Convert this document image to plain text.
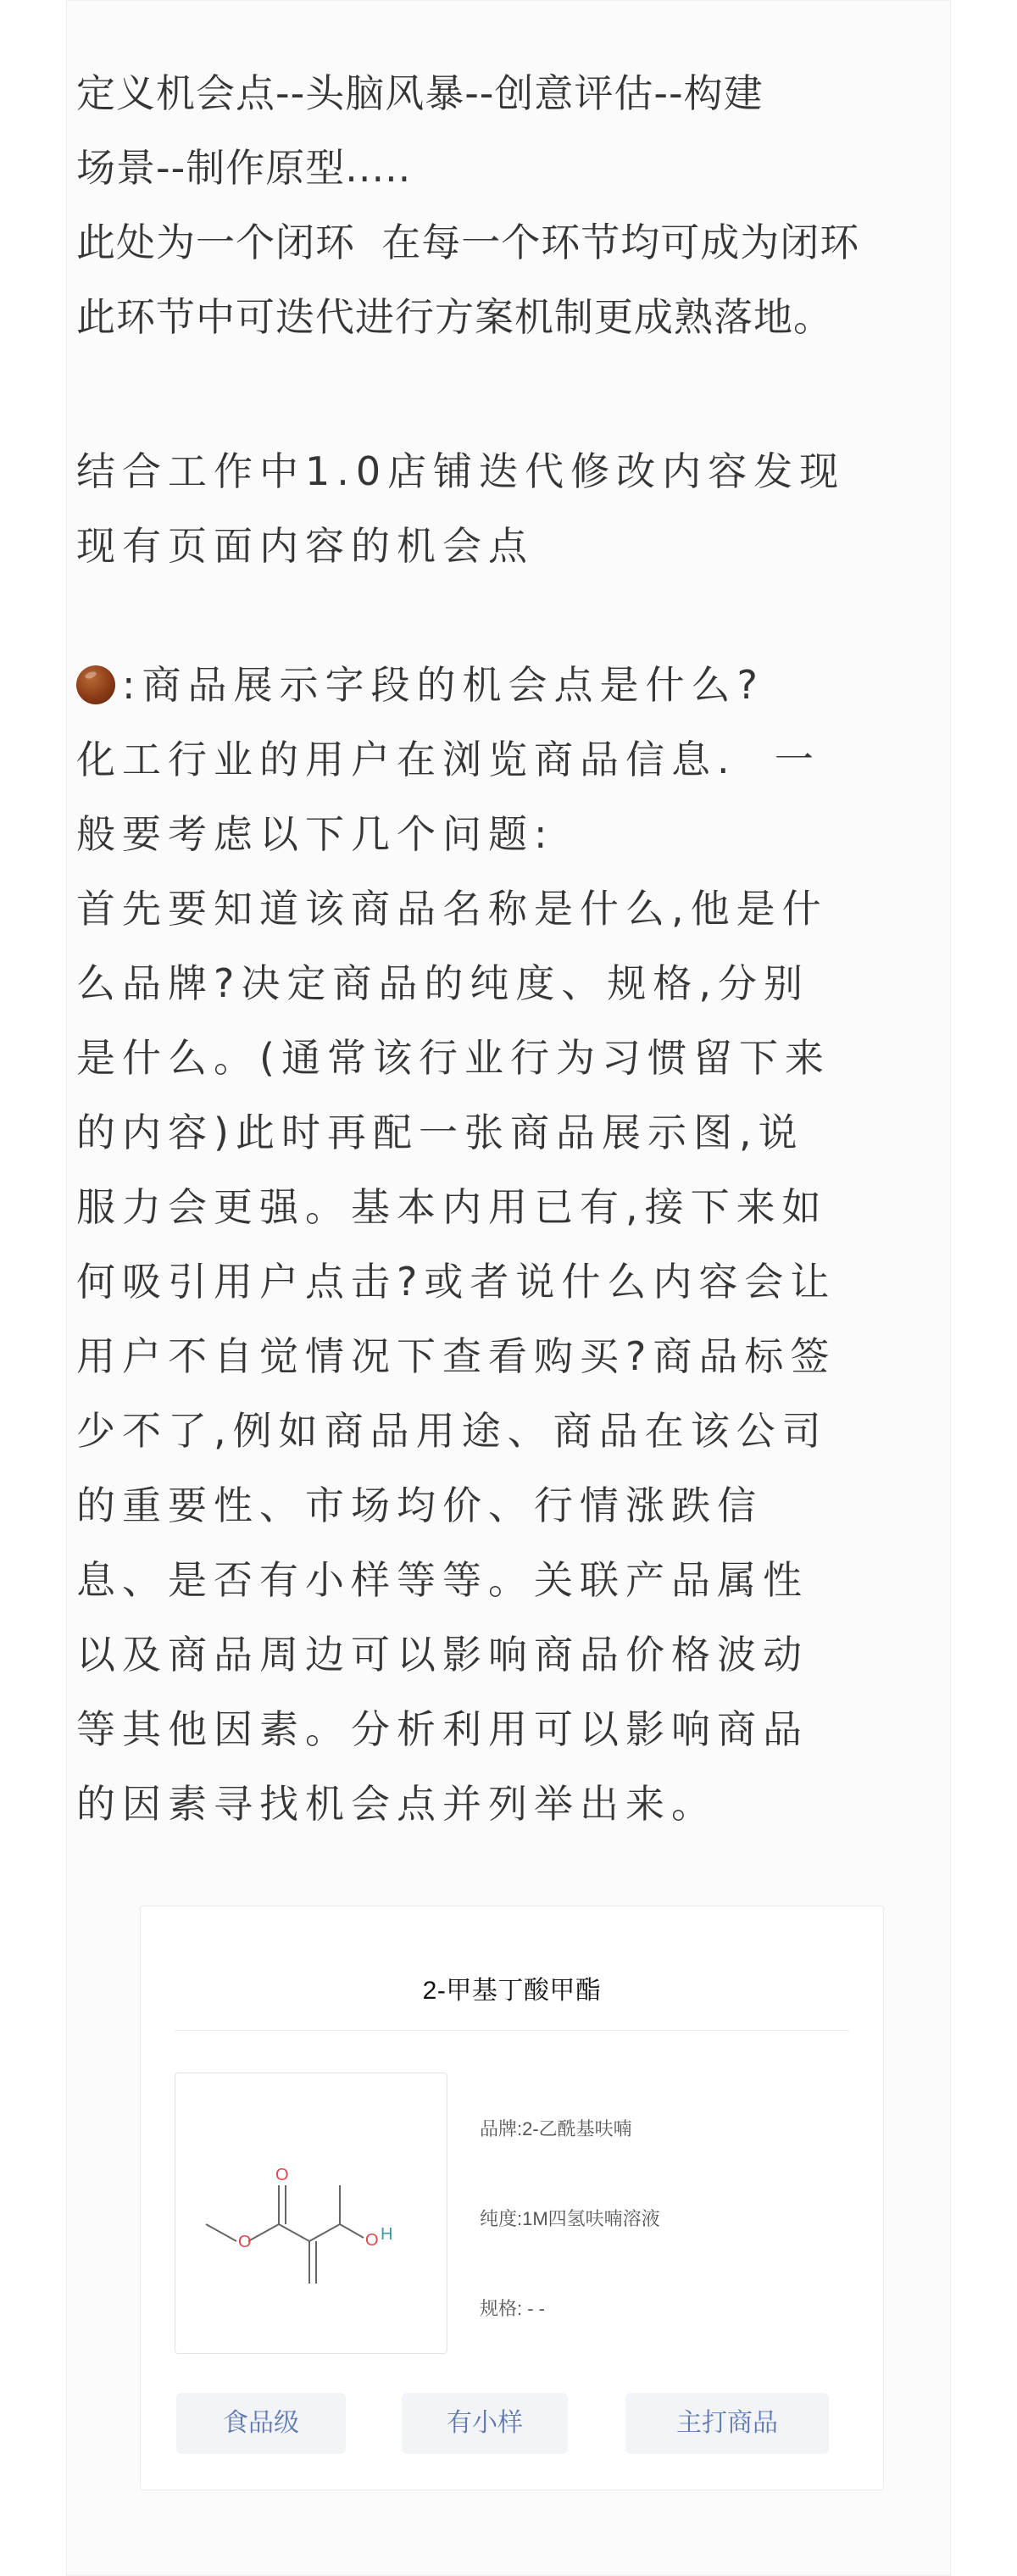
定义机会点--头脑风暴--创意评估--构建

场景--制作原型.....

此处为一个闭环  在每一个环节均可成为闭环

此环节中可迭代进行方案机制更成熟落地。

结合工作中1.0店铺迭代修改内容发现

现有页面内容的机会点

:商品展示字段的机会点是什么?

化工行业的用户在浏览商品信息.  一

般要考虑以下几个问题:

首先要知道该商品名称是什么,他是什

么品牌?决定商品的纯度、规格,分别

是什么。(通常该行业行为习惯留下来

的内容)此时再配一张商品展示图,说

服力会更强。基本内用已有,接下来如

何吸引用户点击?或者说什么内容会让

用户不自觉情况下查看购买?商品标签

少不了,例如商品用途、商品在该公司

的重要性、市场均价、行情涨跌信

息、是否有小样等等。关联产品属性

以及商品周边可以影响商品价格波动

等其他因素。分析利用可以影响商品

的因素寻找机会点并列举出来。

2-甲基丁酸甲酯
O
O
O H
品牌:2-乙酰基呋喃
纯度:1M四氢呋喃溶液
规格: - -
食品级	有小样	主打商品
